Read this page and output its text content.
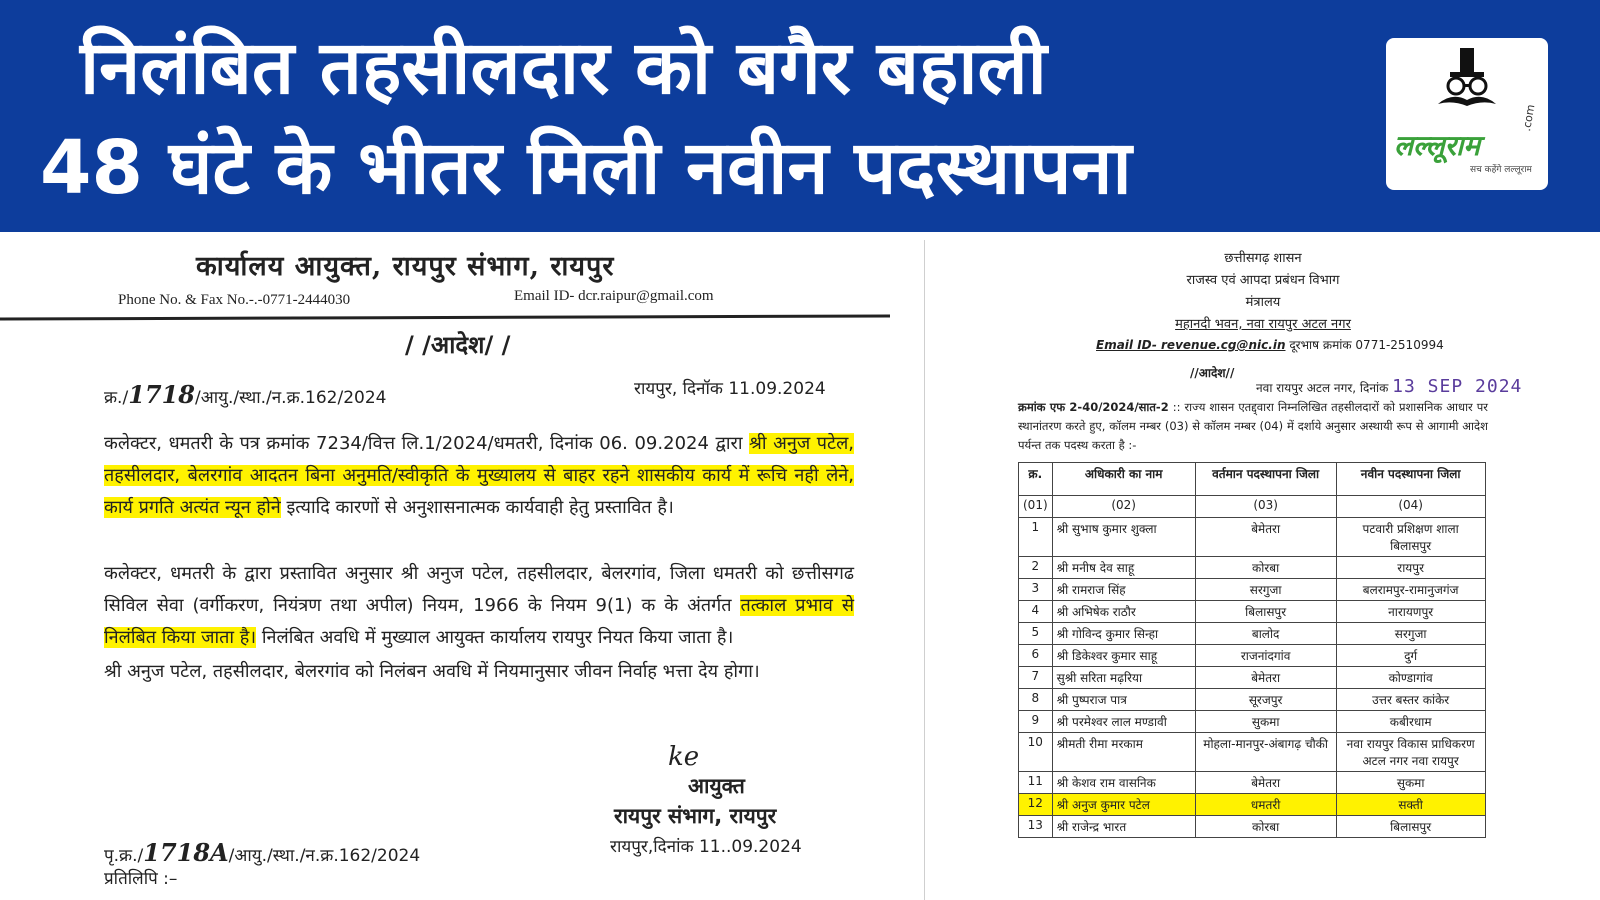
निलंबित तहसीलदार को बगैर बहाली
48 घंटे के भीतर मिली नवीन पदस्थापना	लल्लूराम
.com
सच कहेंगे लल्लूराम
कार्यालय आयुक्त, रायपुर संभाग, रायपुर
Phone No. & Fax No.-.-0771-2444030	Email ID- dcr.raipur@gmail.com
/ /आदेश/ /
क्र./1718/आयु./स्था./न.क्र.162/2024	रायपुर, दिनॉक 11.09.2024
कलेक्टर, धमतरी के पत्र क्रमांक 7234/वित्त लि.1/2024/धमतरी, दिनांक 06. 09.2024 द्वारा श्री अनुज पटेल, तहसीलदार, बेलरगांव आदतन बिना अनुमति/स्वीकृति के मुख्यालय से बाहर रहने शासकीय कार्य में रूचि नही लेने, कार्य प्रगति अत्यंत न्यून होने इत्यादि कारणों से अनुशासनात्मक कार्यवाही हेतु प्रस्तावित है।
कलेक्टर, धमतरी के द्वारा प्रस्तावित अनुसार श्री अनुज पटेल, तहसीलदार, बेलरगांव, जिला धमतरी को छत्तीसगढ सिविल सेवा (वर्गीकरण, नियंत्रण तथा अपील) नियम, 1966 के नियम 9(1) क के अंतर्गत तत्काल प्रभाव से निलंबित किया जाता है। निलंबित अवधि में मुख्याल आयुक्त कार्यालय रायपुर नियत किया जाता है।
श्री अनुज पटेल, तहसीलदार, बेलरगांव को निलंबन अवधि में नियमानुसार जीवन निर्वाह भत्ता देय होगा।
ke
आयुक्त
रायपुर संभाग, रायपुर
रायपुर,दिनांक 11..09.2024
पृ.क्र./1718A/आयु./स्था./न.क्र.162/2024
प्रतिलिपि :–
छत्तीसगढ़ शासन
राजस्व एवं आपदा प्रबंधन विभाग
मंत्रालय
महानदी भवन, नवा रायपुर अटल नगर
Email ID- revenue.cg@nic.in दूरभाष क्रमांक 0771-2510994
//आदेश//
नवा रायपुर अटल नगर, दिनांक 13 SEP 2024
क्रमांक एफ 2-40/2024/सात-2 :: राज्य शासन एतद्द्वारा निम्नलिखित तहसीलदारों को प्रशासनिक आधार पर स्थानांतरण करते हुए, कॉलम नम्बर (03) से कॉलम नम्बर (04) में दर्शाये अनुसार अस्थायी रूप से आगामी आदेश पर्यन्त तक पदस्थ करता है :-
क्र.	अधिकारी का नाम	वर्तमान पदस्थापना जिला	नवीन पदस्थापना जिला
(01)	(02)	(03)	(04)
1	श्री सुभाष कुमार शुक्ला	बेमेतरा	पटवारी प्रशिक्षण शाला बिलासपुर
2	श्री मनीष देव साहू	कोरबा	रायपुर
3	श्री रामराज सिंह	सरगुजा	बलरामपुर-रामानुजगंज
4	श्री अभिषेक राठौर	बिलासपुर	नारायणपुर
5	श्री गोविन्द कुमार सिन्हा	बालोद	सरगुजा
6	श्री डिकेश्वर कुमार साहू	राजनांदगांव	दुर्ग
7	सुश्री सरिता मढ़रिया	बेमेतरा	कोण्डागांव
8	श्री पुष्पराज पात्र	सूरजपुर	उत्तर बस्तर कांकेर
9	श्री परमेश्वर लाल मण्डावी	सुकमा	कबीरधाम
10	श्रीमती रीमा मरकाम	मोहला-मानपुर-अंबागढ़ चौकी	नवा रायपुर विकास प्राधिकरण अटल नगर नवा रायपुर
11	श्री केशव राम वासनिक	बेमेतरा	सुकमा
12	श्री अनुज कुमार पटेल	धमतरी	सक्ती
13	श्री राजेन्द्र भारत	कोरबा	बिलासपुर
